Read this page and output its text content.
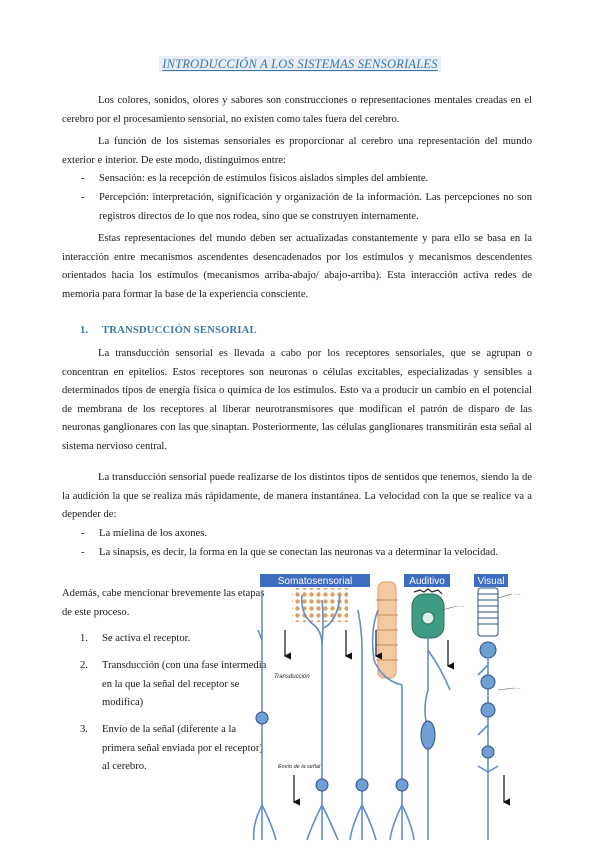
INTRODUCCIÓN A LOS SISTEMAS SENSORIALES
Los colores, sonidos, olores y sabores son construcciones o representaciones mentales creadas en el cerebro por el procesamiento sensorial, no existen como tales fuera del cerebro.
La función de los sistemas sensoriales es proporcionar al cerebro una representación del mundo exterior e interior. De este modo, distinguimos entre:
- Sensación: es la recepción de estímulos físicos aislados simples del ambiente.
- Percepción: interpretación, significación y organización de la información. Las percepciones no son registros directos de lo que nos rodea, sino que se construyen internamente.
Estas representaciones del mundo deben ser actualizadas constantemente y para ello se basa en la interacción entre mecanismos ascendentes desencadenados por los estímulos y mecanismos descendentes orientados hacia los estímulos (mecanismos arriba-abajo/ abajo-arriba). Esta interacción activa redes de memoria para formar la base de la experiencia consciente.
1. TRANSDUCCIÓN SENSORIAL
La transducción sensorial es llevada a cabo por los receptores sensoriales, que se agrupan o concentran en epitelios. Estos receptores son neuronas o células excitables, especializadas y sensibles a determinados tipos de energía física o química de los estímulos. Esto va a producir un cambio en el potencial de membrana de los receptores al liberar neurotransmisores que modifican el patrón de disparo de las neuronas ganglionares con las que sinaptan. Posteriormente, las células ganglionares transmitirán esta señal al sistema nervioso central.
La transducción sensorial puede realizarse de los distintos tipos de sentidos que tenemos, siendo la de la audición la que se realiza más rápidamente, de manera instantánea. La velocidad con la que se realice va a depender de:
- La mielina de los axones.
- La sinapsis, es decir, la forma en la que se conectan las neuronas va a determinar la velocidad.
Además, cabe mencionar brevemente las etapas de este proceso.
1. Se activa el receptor.
2. Transducción (con una fase intermedia en la que la señal del receptor se modifica)
3. Envío de la señal (diferente a la primera señal enviada por el receptor) al cerebro.
Somatosensorial	Auditivo	Visual
····
····
····
Transducción
Envío de la señal
